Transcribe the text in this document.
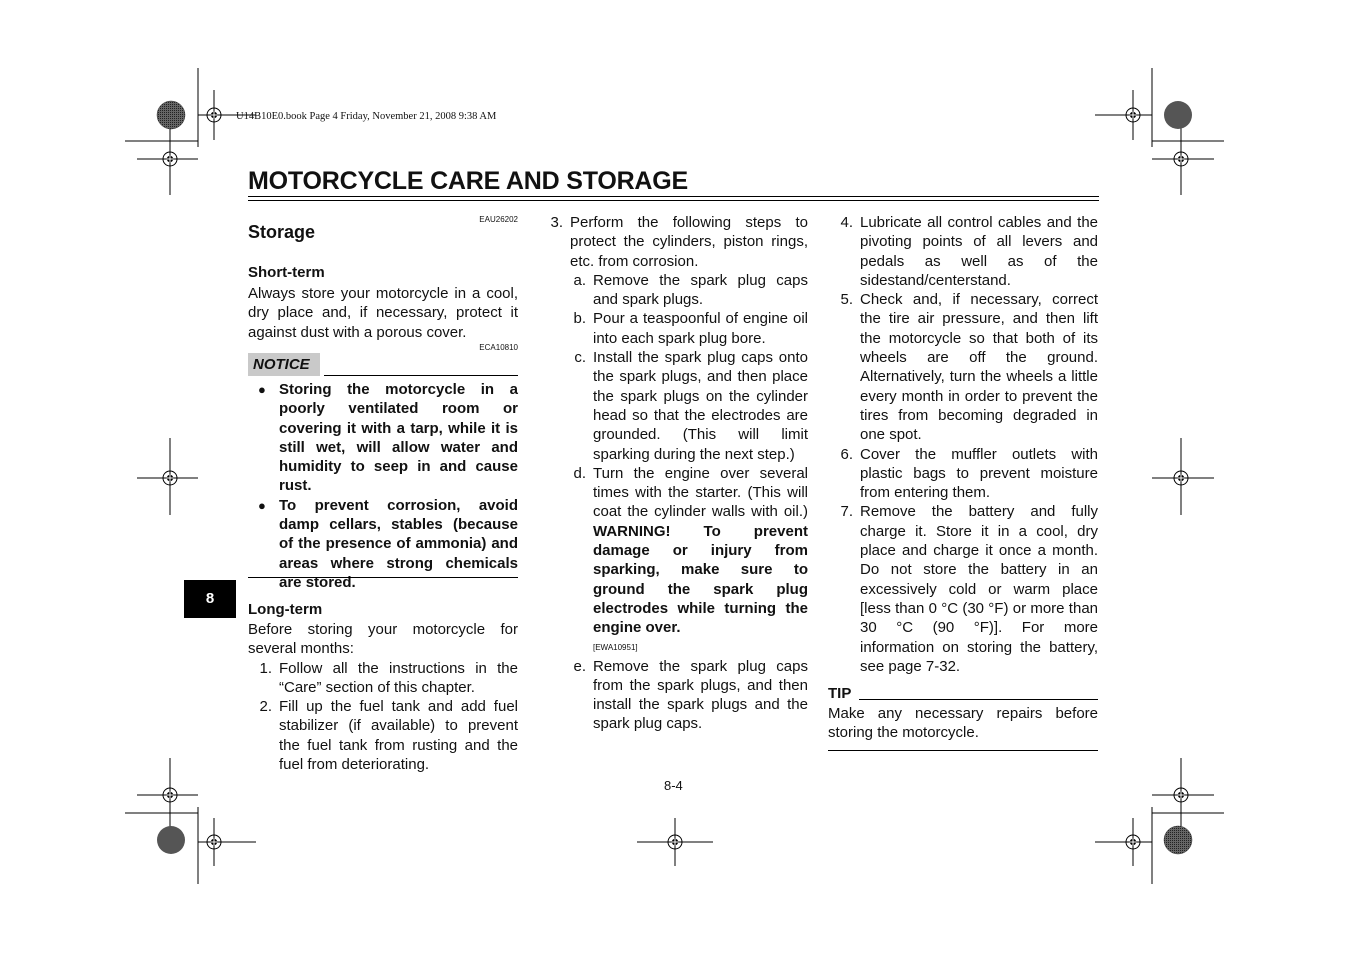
U14B10E0.book Page 4 Friday, November 21, 2008 9:38 AM
MOTORCYCLE CARE AND STORAGE
EAU26202
Storage
Short-term
Always store your motorcycle in a cool, dry place and, if necessary, protect it against dust with a porous cover.
ECA10810
NOTICE
● Storing the motorcycle in a poorly ventilated room or covering it with a tarp, while it is still wet, will allow water and humidity to seep in and cause rust.
● To prevent corrosion, avoid damp cellars, stables (because of the presence of ammonia) and areas where strong chemicals are stored.
8
Long-term
Before storing your motorcycle for several months:
1. Follow all the instructions in the “Care” section of this chapter.
2. Fill up the fuel tank and add fuel stabilizer (if available) to prevent the fuel tank from rusting and the fuel from deteriorating.
3. Perform the following steps to protect the cylinders, piston rings, etc. from corrosion.
a. Remove the spark plug caps and spark plugs.
b. Pour a teaspoonful of engine oil into each spark plug bore.
c. Install the spark plug caps onto the spark plugs, and then place the spark plugs on the cylinder head so that the electrodes are grounded. (This will limit sparking during the next step.)
d. Turn the engine over several times with the starter. (This will coat the cylinder walls with oil.) WARNING! To prevent damage or injury from sparking, make sure to ground the spark plug electrodes while turning the engine over.
[EWA10951]
e. Remove the spark plug caps from the spark plugs, and then install the spark plugs and the spark plug caps.
4. Lubricate all control cables and the pivoting points of all levers and pedals as well as of the sidestand/centerstand.
5. Check and, if necessary, correct the tire air pressure, and then lift the motorcycle so that both of its wheels are off the ground. Alternatively, turn the wheels a little every month in order to prevent the tires from becoming degraded in one spot.
6. Cover the muffler outlets with plastic bags to prevent moisture from entering them.
7. Remove the battery and fully charge it. Store it in a cool, dry place and charge it once a month. Do not store the battery in an excessively cold or warm place [less than 0 °C (30 °F) or more than 30 °C (90 °F)]. For more information on storing the battery, see page 7-32.
TIP
Make any necessary repairs before storing the motorcycle.
8-4
